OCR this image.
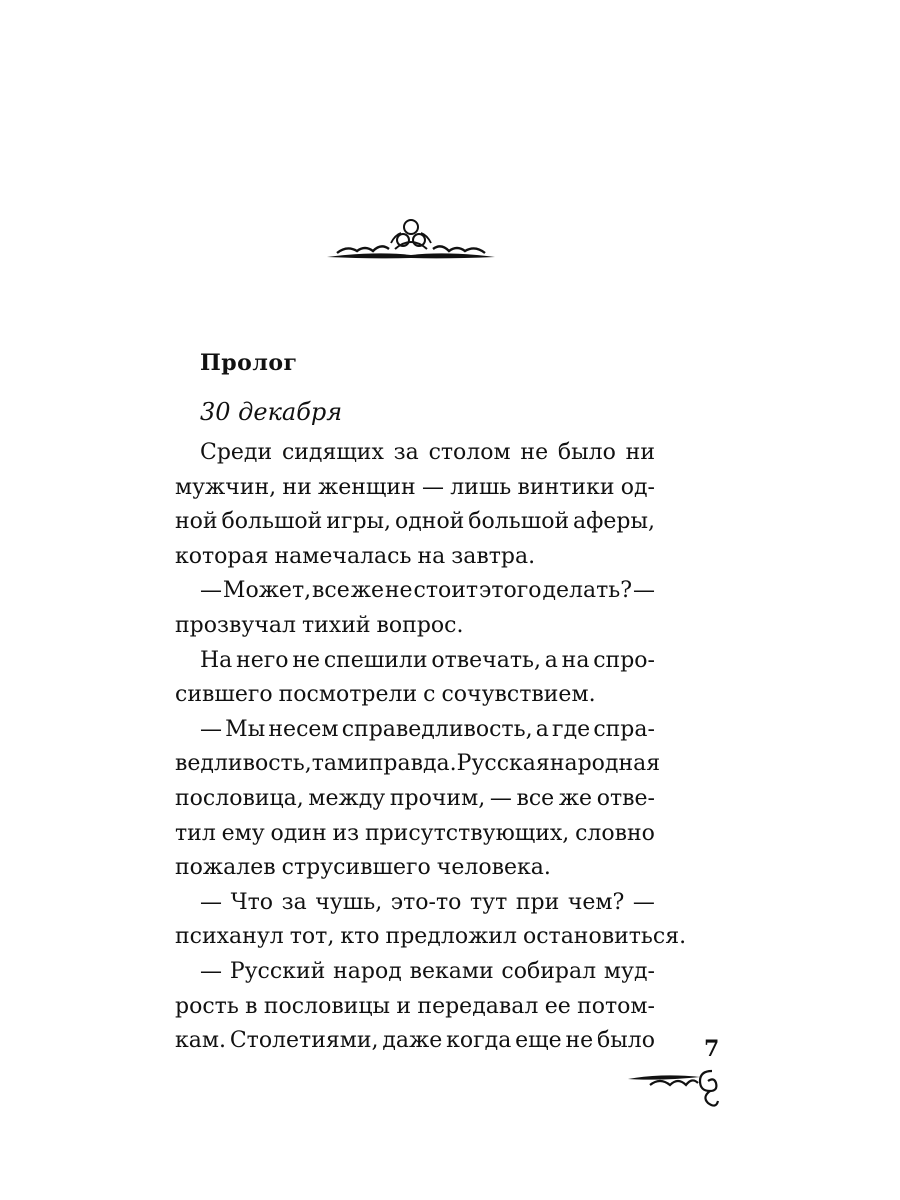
Пролог

30 декабря

Среди сидящих за столом не было ни
мужчин, ни женщин — лишь винтики од-
ной большой игры, одной большой аферы,
которая намечалась на завтра.
— Может, все же не стоит этого делать? —
прозвучал тихий вопрос.
На него не спешили отвечать, а на спро-
сившего посмотрели с сочувствием.
— Мы несем справедливость, а где спра-
ведливость, там и правда. Русская народная
пословица, между прочим, — все же отве-
тил ему один из присутствующих, словно
пожалев струсившего человека.
— Что за чушь, это-то тут при чем? —
психанул тот, кто предложил остановиться.
— Русский народ веками собирал муд-
рость в пословицы и передавал ее потом-
кам. Столетиями, даже когда еще не было 7
